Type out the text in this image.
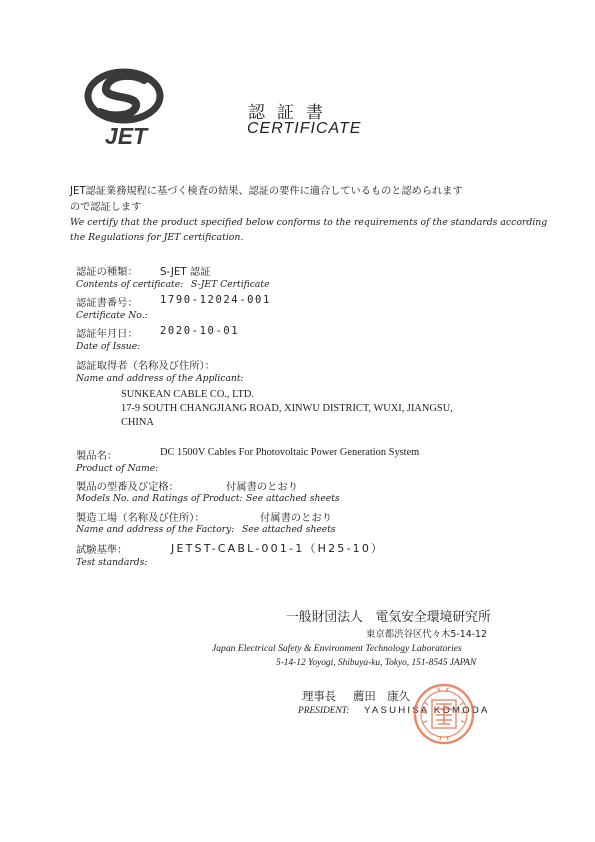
JET
認証書
CERTIFICATE
JET認証業務規程に基づく検査の結果、認証の要件に適合しているものと認められます
ので認証します
We certify that the product specified below conforms to the requirements of the standards according
the Regulations for JET certification.
認証の種類： S-JET 認証
Contents of certificate: S-JET Certificate
認証書番号： 1790-12024-001
Certificate No.:
認証年月日： 2020-10-01
Date of Issue:
認証取得者（名称及び住所）：
Name and address of the Applicant:
SUNKEAN CABLE CO., LTD.
17-9 SOUTH CHANGJIANG ROAD, XINWU DISTRICT, WUXI, JIANGSU,
CHINA
製品名：	DC 1500V Cables For Photovoltaic Power Generation System
Product of Name:
製品の型番及び定格：	付属書のとおり
Models No. and Ratings of Product: See attached sheets
製造工場（名称及び住所）：	付属書のとおり
Name and address of the Factory: See attached sheets
試験基準：	JETST-CABL-001-1（H25-10）
Test standards:
一般財団法人　電気安全環境研究所
東京都渋谷区代々木5-14-12
Japan Electrical Safety & Environment Technology Laboratories
5-14-12 Yoyogi, Shibuya-ku, Tokyo, 151-8545 JAPAN
理事長 薦田　康久
PRESIDENT: YASUHISA KOMODA
